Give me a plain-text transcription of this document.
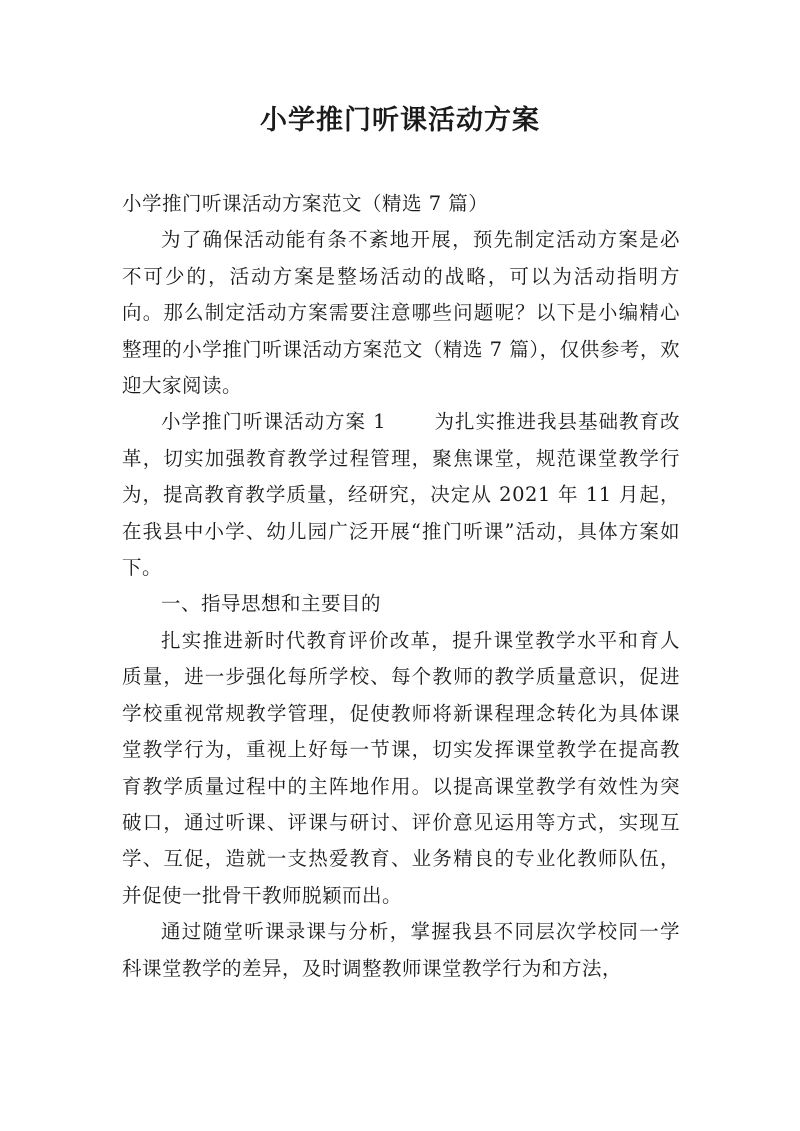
小学推门听课活动方案

小学推门听课活动方案范文（精选 7 篇）

为了确保活动能有条不紊地开展，预先制定活动方案是必不可少的，活动方案是整场活动的战略，可以为活动指明方向。那么制定活动方案需要注意哪些问题呢？以下是小编精心整理的小学推门听课活动方案范文（精选 7 篇），仅供参考，欢迎大家阅读。

小学推门听课活动方案 1 为扎实推进我县基础教育改革，切实加强教育教学过程管理，聚焦课堂，规范课堂教学行为，提高教育教学质量，经研究，决定从 2021 年 11 月起，在我县中小学、幼儿园广泛开展“推门听课”活动，具体方案如下。

一、指导思想和主要目的

扎实推进新时代教育评价改革，提升课堂教学水平和育人质量，进一步强化每所学校、每个教师的教学质量意识，促进学校重视常规教学管理，促使教师将新课程理念转化为具体课堂教学行为，重视上好每一节课，切实发挥课堂教学在提高教育教学质量过程中的主阵地作用。以提高课堂教学有效性为突破口，通过听课、评课与研讨、评价意见运用等方式，实现互学、互促，造就一支热爱教育、业务精良的专业化教师队伍，并促使一批骨干教师脱颖而出。

通过随堂听课录课与分析，掌握我县不同层次学校同一学科课堂教学的差异，及时调整教师课堂教学行为和方法，
